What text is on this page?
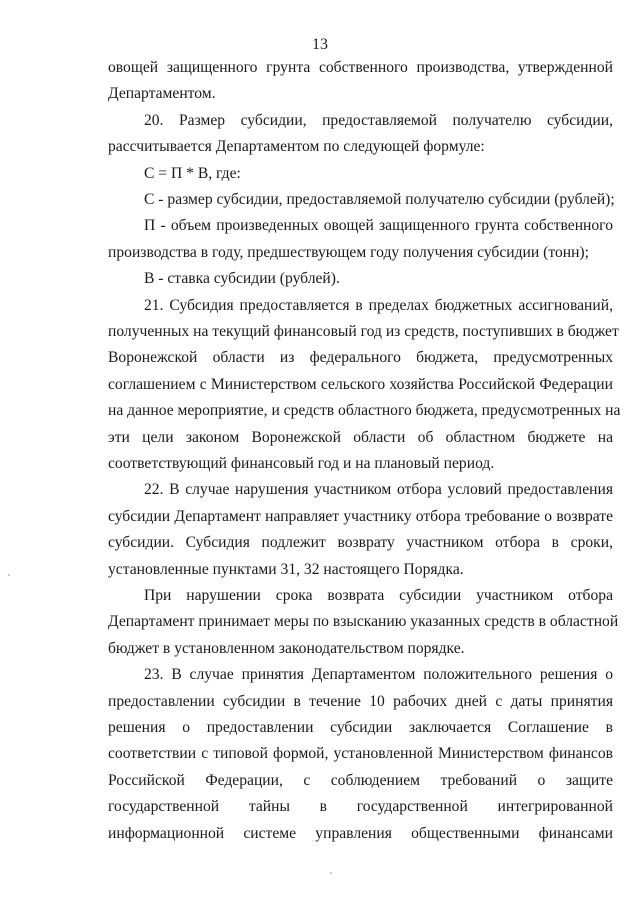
13
овощей защищенного грунта собственного производства, утвержденной
Департаментом.
20. Размер субсидии, предоставляемой получателю субсидии,
рассчитывается Департаментом по следующей формуле:
С = П * В, где:
С - размер субсидии, предоставляемой получателю субсидии (рублей);
П - объем произведенных овощей защищенного грунта собственного
производства в году, предшествующем году получения субсидии (тонн);
В - ставка субсидии (рублей).
21. Субсидия предоставляется в пределах бюджетных ассигнований,
полученных на текущий финансовый год из средств, поступивших в бюджет
Воронежской области из федерального бюджета, предусмотренных
соглашением с Министерством сельского хозяйства Российской Федерации
на данное мероприятие, и средств областного бюджета, предусмотренных на
эти цели законом Воронежской области об областном бюджете на
соответствующий финансовый год и на плановый период.
22. В случае нарушения участником отбора условий предоставления
субсидии Департамент направляет участнику отбора требование о возврате
субсидии. Субсидия подлежит возврату участником отбора в сроки,
установленные пунктами 31, 32 настоящего Порядка.
При нарушении срока возврата субсидии участником отбора
Департамент принимает меры по взысканию указанных средств в областной
бюджет в установленном законодательством порядке.
23. В случае принятия Департаментом положительного решения о
предоставлении субсидии в течение 10 рабочих дней с даты принятия
решения о предоставлении субсидии заключается Соглашение в
соответствии с типовой формой, установленной Министерством финансов
Российской Федерации, с соблюдением требований о защите
государственной тайны в государственной интегрированной
информационной системе управления общественными финансами
